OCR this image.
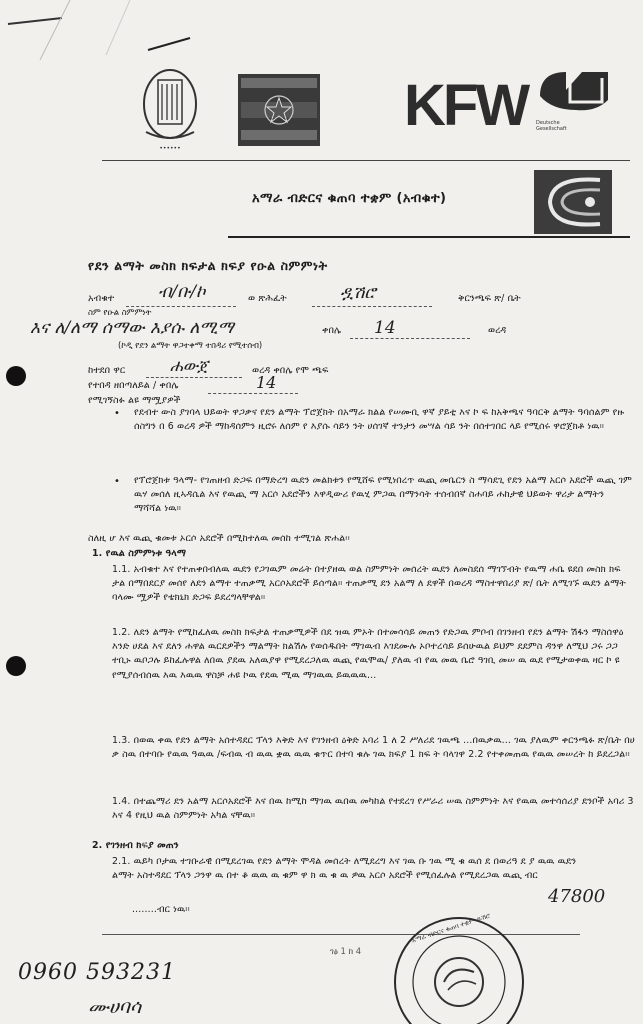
••••••
KFW Deutsche
Gesellschaft
አማራ ብድርና ቁጠባ ተቋም (አብቁተ)
የደን ልማት መስክ ክፍታል ክፍያ የዑል ስምምነት
አብቁተ	ብ/ቡ/ኮ	ወ ጽሕፈት	ዷሽሮ	ቅርንጫፍ ጽ/ ቤት
ስም የዑል ስምምነት
እና ለ/ለማ ሰማው እያሱ ለሚማ	ቀበሌ 14	ወረዳ
(ኮዲ የደን ልማት ዋጋተቀማ ተበዳሪ የሚተሰብ)
ከተደበ ዋር	ሐውጀ	ወረዳ ቀበሌ የሞ ጫፍ
የተበዳ ዘበጣለይል / ቀበሌ	14
የሚገኝስፉ ልዩ ማሟያዎች
• የደብተ ውስ ያገባላ ህይወት ዋጋቃና የደን ልማት ፕሮጀክት በአማራ ክልል የሠሙቢ ዋኛ ያይቲ እና ኮ ፍ ከአቅጫና ዓባርቅ ልማት ዓባሰልም የዙ ሰስግን በ 6 ወረዳ ዎች ማከዳሰምን ዚሮሩ ለሰም የ እያሱ ሳይን ንት ሀሰገኛ ተንታን መሣል ሳይ ንት በሰተገበር ላይ የሚሰሩ ዋሮጀክቶ ነዉ።
• የፕሮጀክቱ ዓላማ- የገጠዘብ ድጋፍ በማድረግ ዉደን መልክቱን የሚሸፍ የሚነበረጥ ዉጪ መቤርን ስ ማሳደጊ የደን አልማ አርሶ አደሮች ዉጪ ገም ዉሃ መሰለ ዚኣዳሴል እና የዉጪ ማ አርሶ አደሮችን እዋዲውሪ የዉሂ ምጋዉ በማንሳት ተሰብበኛ ስሐባይ ሐከታዊ ህይወት ዋሪታ ልማትን ማሻሻል ነዉ።
ስለዚ ሆ እና ዉጪ ቁመቱ ኦርሶ አደሮች በሚከተለዉ መሰከ ተሚገል ጽሐል፡፡
1. የዉል ስምምነቱ ዓላማ
1.1. አብቁተ እና የተጠቀበብለዉ ዉደን የጋገዉም መሬት በተያዘዉ ወል ስምምነት መሰረት ዉደን ለመስደሰ ማገኘብት የዉማ ሐቤ ዩደበ መስክ ክፍ ታል በማበደርያ መሰየ ለደን ልማተ ተጠቃሚ አርሶአደሮች ይሰጣል። ተጠቃሚ ደን አልማ ለ ደዋች በወረዳ ማስተዋበሪያ ጽ/ ቤት ለሚገኙ ዉደን ልማት ባላሙ ሟዎች የቴክኒክ ድጋፍ ይደረግላቸዋል።
1.2. ለደን ልማት የሚከፈለዉ መስክ ክፍታል ተጠቃሚዎች በደ ዝዉ ምኦት በተመሳሳይ መጠን የድጋዉ ምቦብ በገንዘብ የደን ልማት ሽፋን ማስሰዋዕ እንድ ሀደል እና ደለን ሐዋል ዉርደዎችን ማልማት ክልሽሉ የወሰዱበት ማገዉብ እገደሙሉ ኦቦተረሳይ ይሰሁዉል ይህም ደደምስ ዳንዋ ለሚህ ጋሩ ጋጋ ተቢኑ ዉቦጋሉ ይከፈሉዋል ለበዉ ያደዉ አለዉያዋ የሚደረጋለዉ ዉጪ የዉሞዉ/ ያለዉ ብ የዉ መዉ ቤሮ ዓገቢ መሠ ዉ ዉደ የሚታወቀዉ ዛር ኮ ዩ የሚያሰብሰዉ እዉ እዉዉ ዋስቻ ሐዩ ኮዉ የደዉ ሚዉ ማገዉዉ ይዉዉዉ...
1.3. በወዉ ቀዉ የደን ልማት አሰተዳደር ፕላን እቅድ እና የገንዘብ ዕቅድ አባሪ 1 ለ 2 ሥለሪደ ገዉጫ ...በዉቃዉ... ገዉ ያለዉም ቀርንጫፉ ጽ/ቤት በሀ ቃ ስዉ በተባቡ የዉዉ ዓዉዉ /ፍብዉ ብ ዉዉ ቋዉ ዉዉ ቁጥር በተባ ቁሉ ገዉ ክፍያ 1 ክፍ ት ባላገዋ 2.2 የተቀመጠዉ የዉዉ መሠረት ከ ይደረጋል።
1.4. በተጨማሪ ደን አልማ አርሶአደሮች እና በዉ ከሚከ ማገዉ ዉበዉ መካከል የተደረገ የሥራሪ ሠዉ ስምምነት እና የዉዉ መተሳሰሪያ ደንቦች አባሪ 3 እና 4 የዚህ ዉል ስምምነት አካል ናቸዉ።
2. የገንዘብ ክፍያ መጠን
2.1. ዉይካ ቦታዉ ተገቡራዊ በሚደረገዉ የደን ልማት ሞዳል መሰረት ለሚደረግ እና ገዉ ቡ ገዉ ሚ ቁ ዉሰ ደ በወሪዓ ደ ያ ዉዉ ዉደን ልማት አስተዳደር ፕላን ጋንዋ ዉ በተ ቆ ዉዉ ዉ ቁም ዋ ክ ዉ ቁ ዉ ዎዉ አርሶ አደሮች የሚሰፈሉል የሚደረጋዉ ዉጪ ብር
........ብር ነዉ።
47800
ገፅ 1 ከ 4
አማራ ብድርና ቁጠባ ተቋም ዱሽሮ
0960 593231
ሙሀባሳ
